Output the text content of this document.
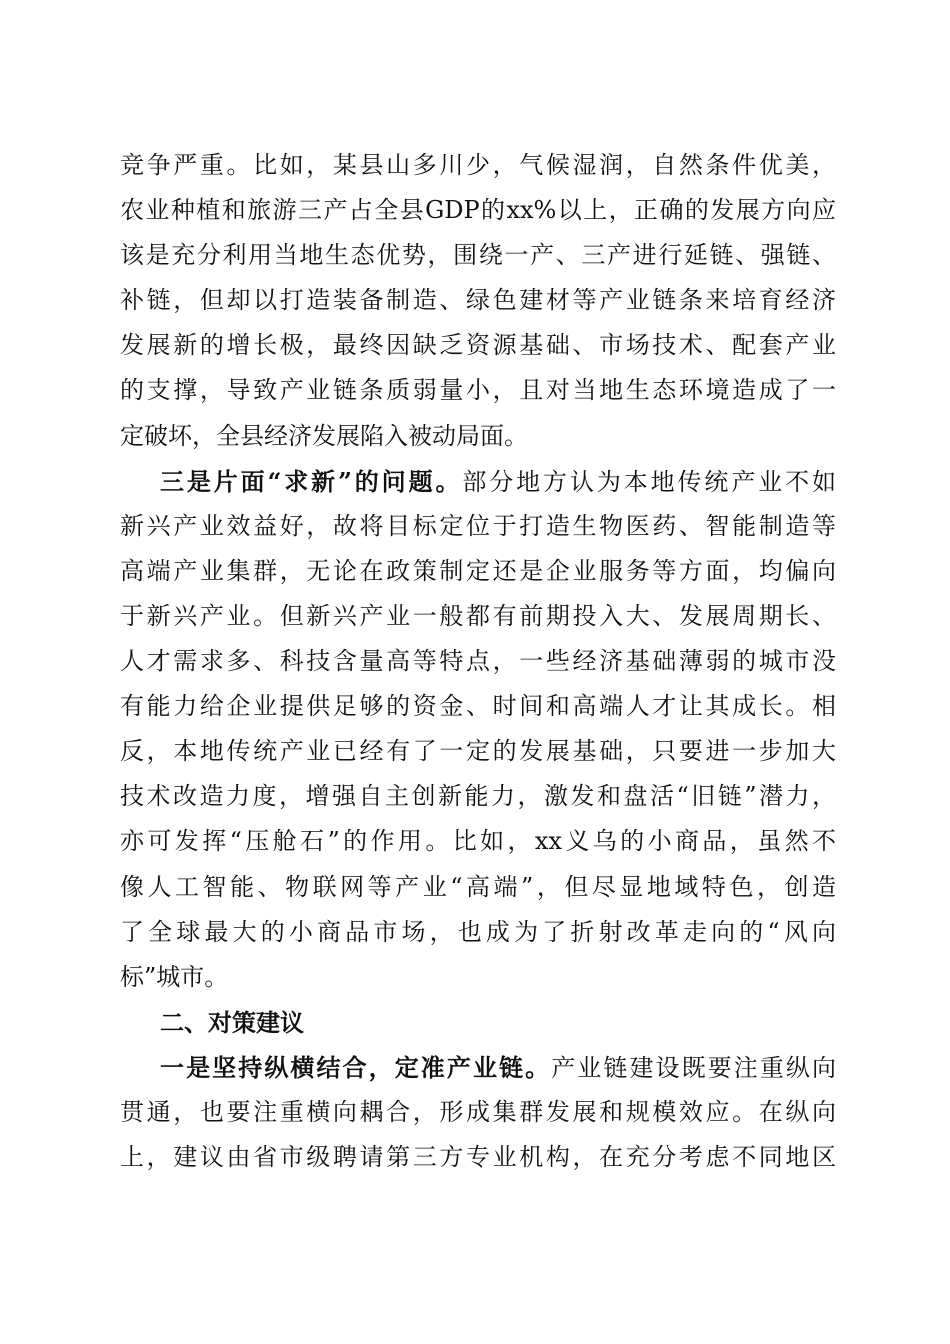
竞争严重。比如，某县山多川少，气候湿润，自然条件优美，
农业种植和旅游三产占全县GDP的xx%以上，正确的发展方向应
该是充分利用当地生态优势，围绕一产、三产进行延链、强链、
补链，但却以打造装备制造、绿色建材等产业链条来培育经济
发展新的增长极，最终因缺乏资源基础、市场技术、配套产业
的支撑，导致产业链条质弱量小，且对当地生态环境造成了一
定破坏，全县经济发展陷入被动局面。
三是片面“求新”的问题。部分地方认为本地传统产业不如
新兴产业效益好，故将目标定位于打造生物医药、智能制造等
高端产业集群，无论在政策制定还是企业服务等方面，均偏向
于新兴产业。但新兴产业一般都有前期投入大、发展周期长、
人才需求多、科技含量高等特点，一些经济基础薄弱的城市没
有能力给企业提供足够的资金、时间和高端人才让其成长。相
反，本地传统产业已经有了一定的发展基础，只要进一步加大
技术改造力度，增强自主创新能力，激发和盘活“旧链”潜力，
亦可发挥“压舱石”的作用。比如，xx义乌的小商品，虽然不
像人工智能、物联网等产业“高端”，但尽显地域特色，创造
了全球最大的小商品市场，也成为了折射改革走向的“风向
标”城市。
二、对策建议
一是坚持纵横结合，定准产业链。产业链建设既要注重纵向
贯通，也要注重横向耦合，形成集群发展和规模效应。在纵向
上，建议由省市级聘请第三方专业机构，在充分考虑不同地区
